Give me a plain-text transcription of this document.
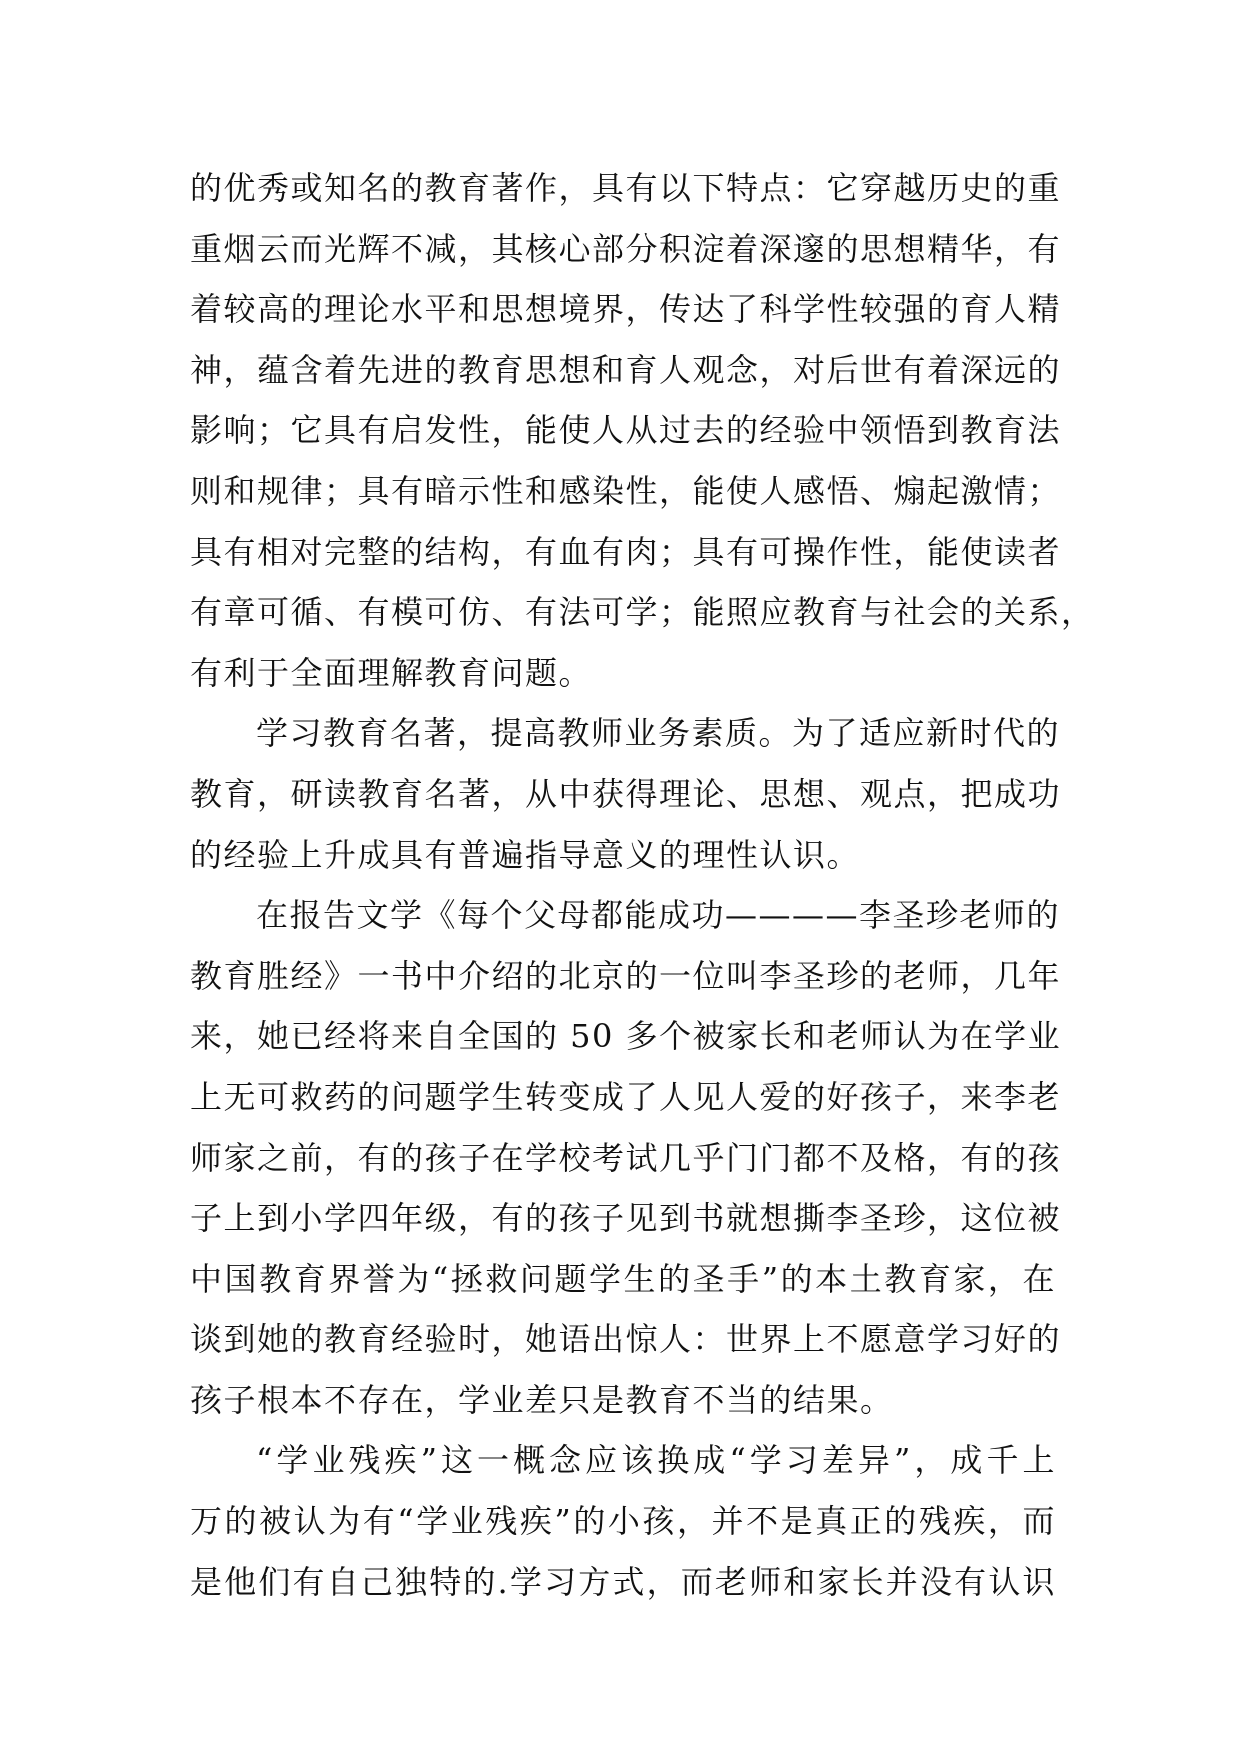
的优秀或知名的教育著作，具有以下特点：它穿越历史的重
重烟云而光辉不减，其核心部分积淀着深邃的思想精华，有
着较高的理论水平和思想境界，传达了科学性较强的育人精
神，蕴含着先进的教育思想和育人观念，对后世有着深远的
影响；它具有启发性，能使人从过去的经验中领悟到教育法
则和规律；具有暗示性和感染性，能使人感悟、煽起激情；
具有相对完整的结构，有血有肉；具有可操作性，能使读者
有章可循、有模可仿、有法可学；能照应教育与社会的关系，
有利于全面理解教育问题。
学习教育名著，提高教师业务素质。为了适应新时代的
教育，研读教育名著，从中获得理论、思想、观点，把成功
的经验上升成具有普遍指导意义的理性认识。
在报告文学《每个父母都能成功————李圣珍老师的
教育胜经》一书中介绍的北京的一位叫李圣珍的老师，几年
来，她已经将来自全国的 50 多个被家长和老师认为在学业
上无可救药的问题学生转变成了人见人爱的好孩子，来李老
师家之前，有的孩子在学校考试几乎门门都不及格，有的孩
子上到小学四年级，有的孩子见到书就想撕李圣珍，这位被
中国教育界誉为“拯救问题学生的圣手”的本土教育家，在
谈到她的教育经验时，她语出惊人：世界上不愿意学习好的
孩子根本不存在，学业差只是教育不当的结果。
“学业残疾”这一概念应该换成“学习差异”，成千上
万的被认为有“学业残疾”的小孩，并不是真正的残疾，而
是他们有自己独特的.学习方式，而老师和家长并没有认识
